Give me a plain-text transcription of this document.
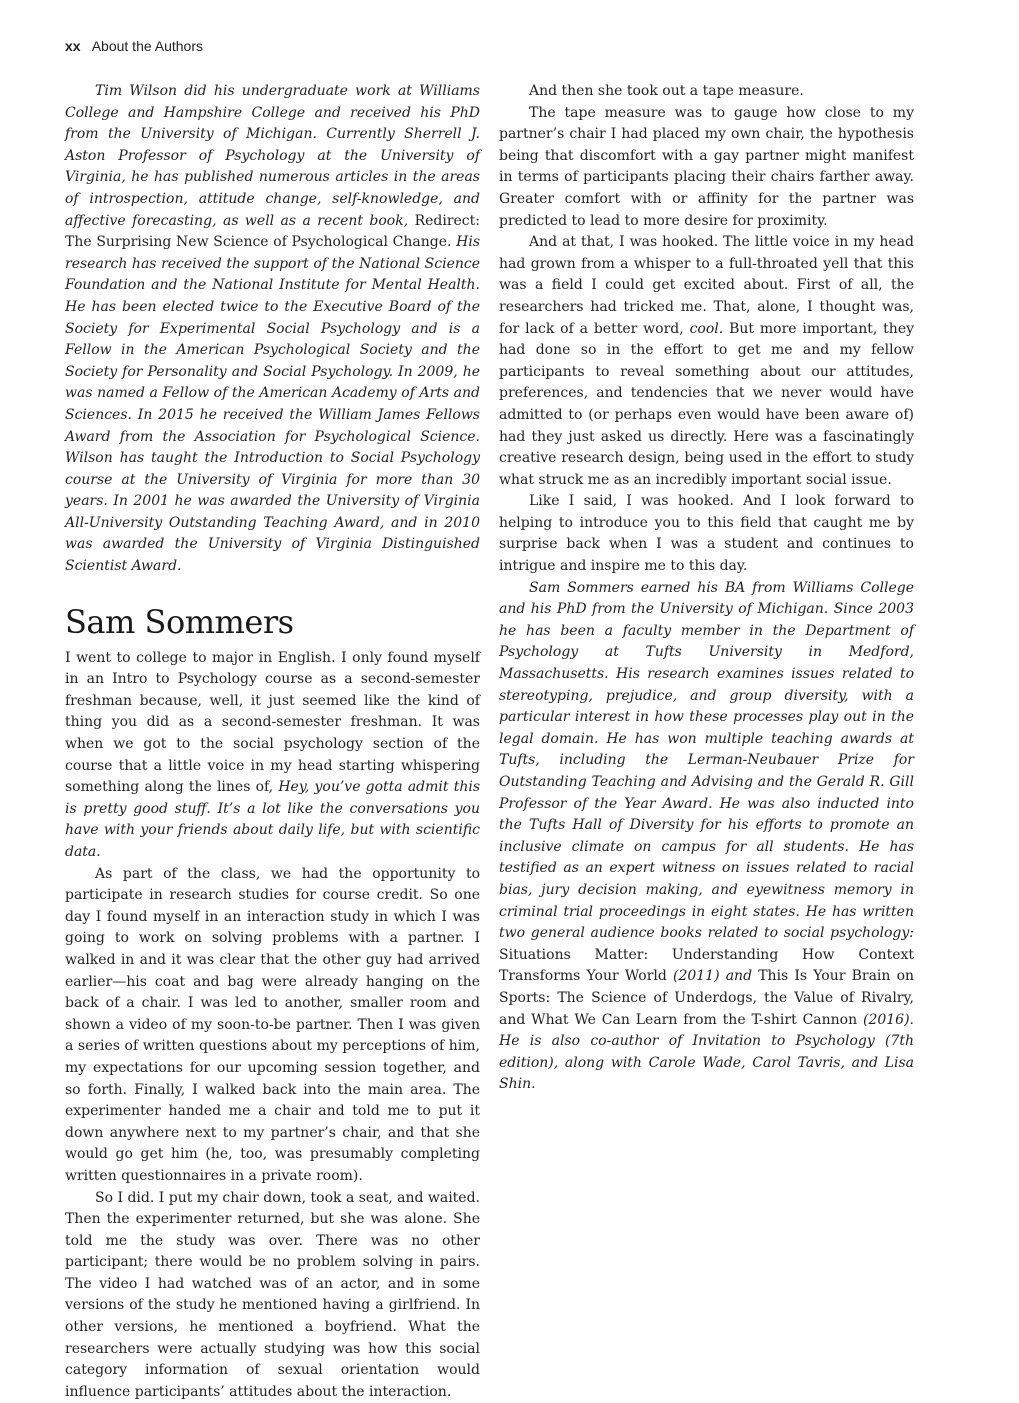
xx About the Authors

Tim Wilson did his undergraduate work at Williams College and Hampshire College and received his PhD from the University of Michigan. Currently Sherrell J. Aston Professor of Psychology at the University of Virginia, he has published numerous articles in the areas of introspection, attitude change, self-knowledge, and affective forecasting, as well as a recent book, Redirect: The Surprising New Science of Psychological Change. His research has received the support of the National Science Foundation and the National Institute for Mental Health. He has been elected twice to the Executive Board of the Society for Experimental Social Psychology and is a Fellow in the American Psychological Society and the Society for Personality and Social Psychology. In 2009, he was named a Fellow of the American Academy of Arts and Sciences. In 2015 he received the William James Fellows Award from the Association for Psychological Science. Wilson has taught the Introduction to Social Psychology course at the University of Virginia for more than 30 years. In 2001 he was awarded the University of Virginia All-University Outstanding Teaching Award, and in 2010 was awarded the University of Virginia Distinguished Scientist Award.

Sam Sommers

I went to college to major in English. I only found myself in an Intro to Psychology course as a second-semester freshman because, well, it just seemed like the kind of thing you did as a second-semester freshman. It was when we got to the social psychology section of the course that a little voice in my head starting whispering something along the lines of, Hey, you’ve gotta admit this is pretty good stuff. It’s a lot like the conversations you have with your friends about daily life, but with scientific data.

As part of the class, we had the opportunity to participate in research studies for course credit. So one day I found myself in an interaction study in which I was going to work on solving problems with a partner. I walked in and it was clear that the other guy had arrived earlier—his coat and bag were already hanging on the back of a chair. I was led to another, smaller room and shown a video of my soon-to-be partner. Then I was given a series of written questions about my perceptions of him, my expectations for our upcoming session together, and so forth. Finally, I walked back into the main area. The experimenter handed me a chair and told me to put it down anywhere next to my partner’s chair, and that she would go get him (he, too, was presumably completing written questionnaires in a private room).

So I did. I put my chair down, took a seat, and waited. Then the experimenter returned, but she was alone. She told me the study was over. There was no other participant; there would be no problem solving in pairs. The video I had watched was of an actor, and in some versions of the study he mentioned having a girlfriend. In other versions, he mentioned a boyfriend. What the researchers were actually studying was how this social category information of sexual orientation would influence participants’ attitudes about the interaction.

And then she took out a tape measure.

The tape measure was to gauge how close to my partner’s chair I had placed my own chair, the hypothesis being that discomfort with a gay partner might manifest in terms of participants placing their chairs farther away. Greater comfort with or affinity for the partner was predicted to lead to more desire for proximity.

And at that, I was hooked. The little voice in my head had grown from a whisper to a full-throated yell that this was a field I could get excited about. First of all, the researchers had tricked me. That, alone, I thought was, for lack of a better word, cool. But more important, they had done so in the effort to get me and my fellow participants to reveal something about our attitudes, preferences, and tendencies that we never would have admitted to (or perhaps even would have been aware of) had they just asked us directly. Here was a fascinatingly creative research design, being used in the effort to study what struck me as an incredibly important social issue.

Like I said, I was hooked. And I look forward to helping to introduce you to this field that caught me by surprise back when I was a student and continues to intrigue and inspire me to this day.

Sam Sommers earned his BA from Williams College and his PhD from the University of Michigan. Since 2003 he has been a faculty member in the Department of Psychology at Tufts University in Medford, Massachusetts. His research examines issues related to stereotyping, prejudice, and group diversity, with a particular interest in how these processes play out in the legal domain. He has won multiple teaching awards at Tufts, including the Lerman-Neubauer Prize for Outstanding Teaching and Advising and the Gerald R. Gill Professor of the Year Award. He was also inducted into the Tufts Hall of Diversity for his efforts to promote an inclusive climate on campus for all students. He has testified as an expert witness on issues related to racial bias, jury decision making, and eyewitness memory in criminal trial proceedings in eight states. He has written two general audience books related to social psychology: Situations Matter: Understanding How Context Transforms Your World (2011) and This Is Your Brain on Sports: The Science of Underdogs, the Value of Rivalry, and What We Can Learn from the T-shirt Cannon (2016). He is also co-author of Invitation to Psychology (7th edition), along with Carole Wade, Carol Tavris, and Lisa Shin.
